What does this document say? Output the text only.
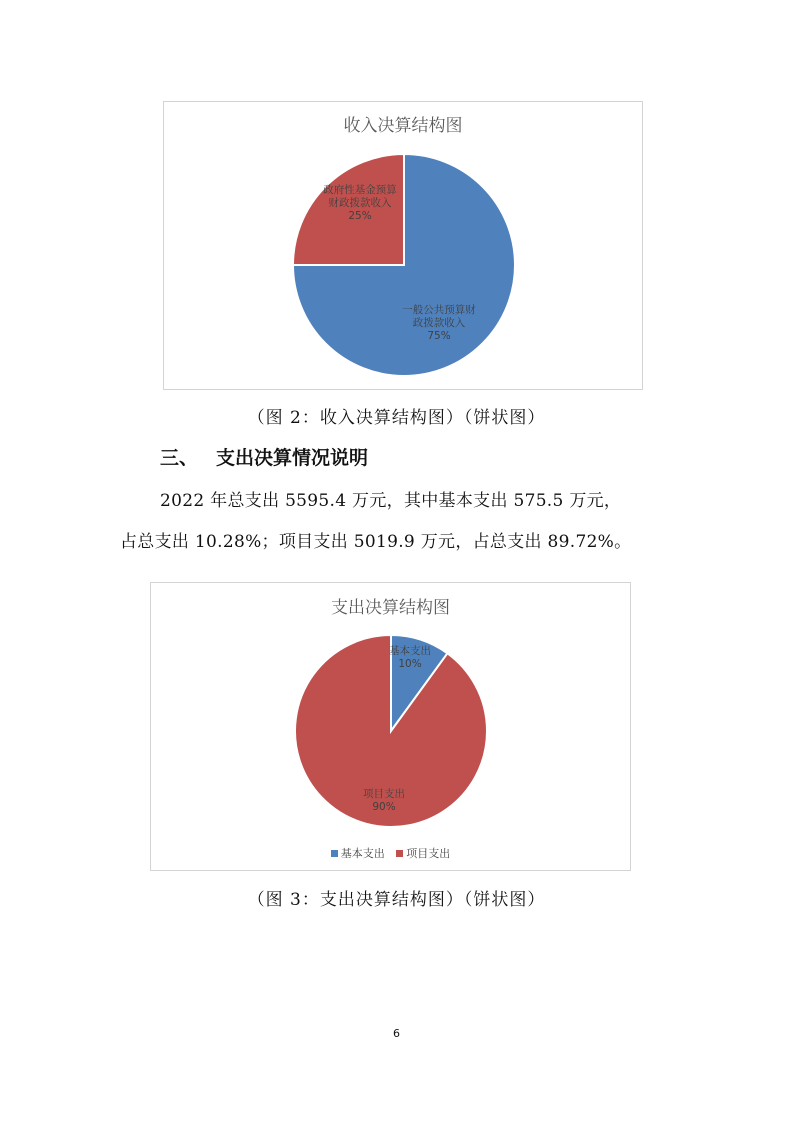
收入决算结构图
一般公共预算财政拨款收入 75%
政府性基金预算财政拨款收入 25%
（图 2：收入决算结构图）（饼状图）
三、 支出决算情况说明
2022 年总支出 5595.4 万元，其中基本支出 575.5 万元，
占总支出 10.28%；项目支出 5019.9 万元，占总支出 89.72%。
支出决算结构图
基本支出 10%
项目支出 90%
基本支出 项目支出
（图 3：支出决算结构图）（饼状图）
6
